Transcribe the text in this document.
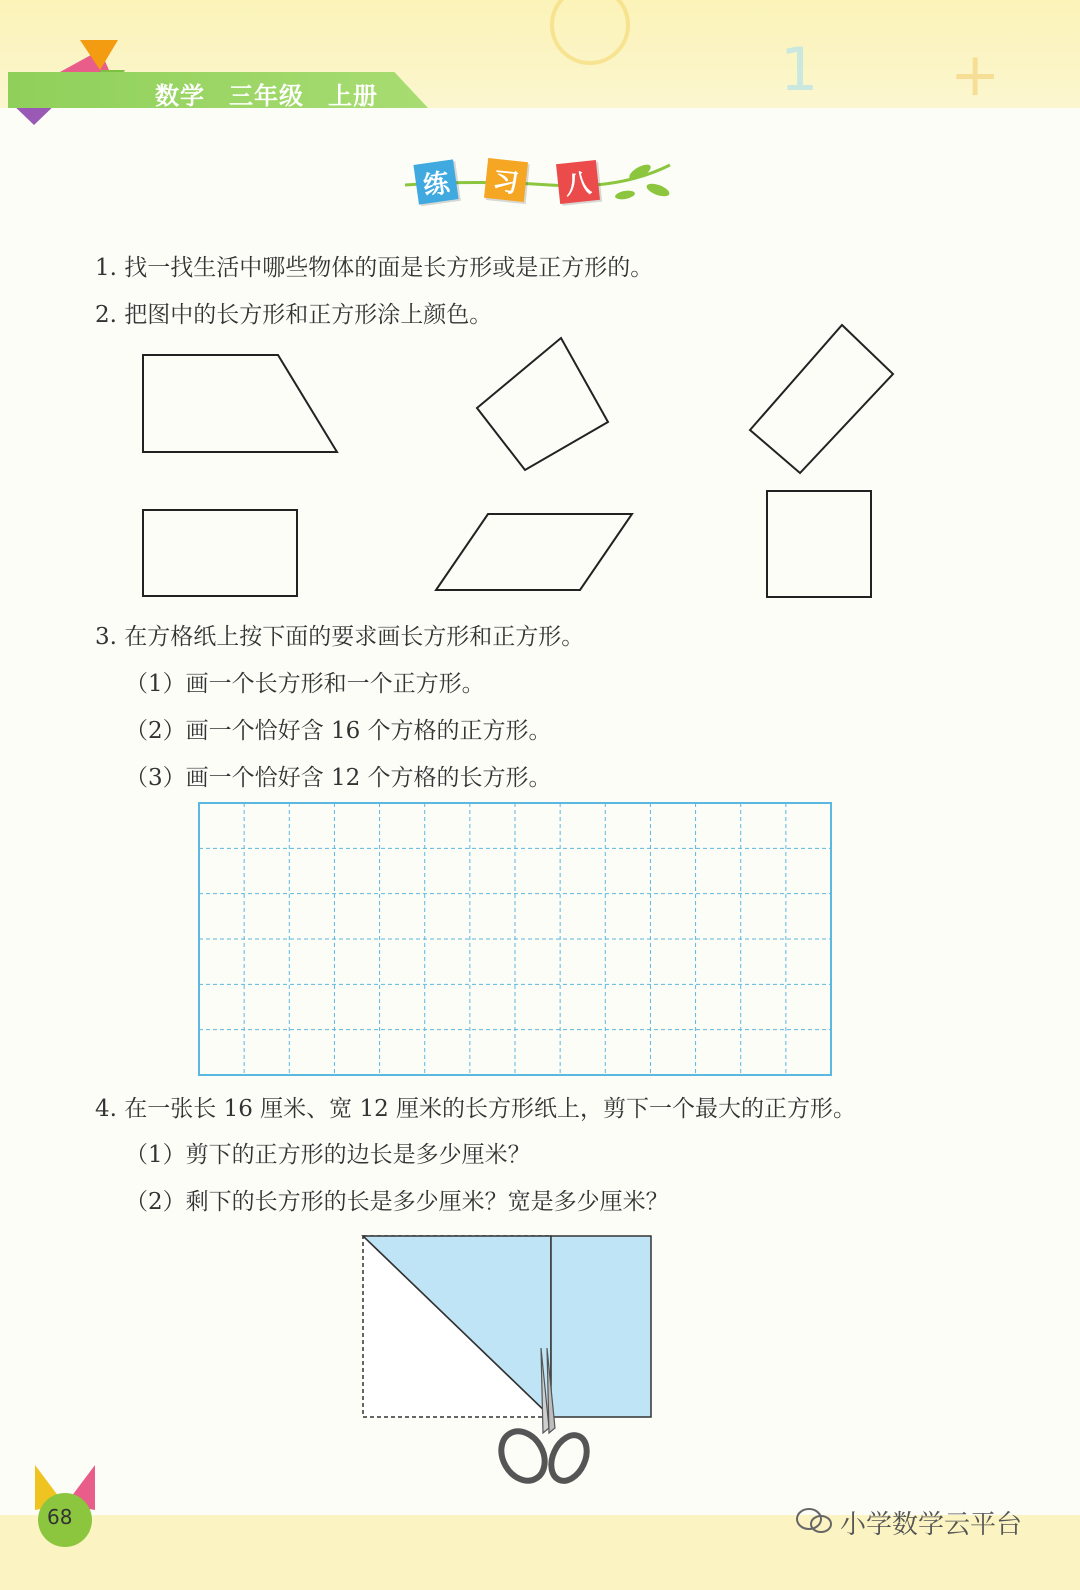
1 +
数学 三年级 上册
练 习 八
1. 找一找生活中哪些物体的面是长方形或是正方形的。
2. 把图中的长方形和正方形涂上颜色。
3. 在方格纸上按下面的要求画长方形和正方形。
（1）画一个长方形和一个正方形。
（2）画一个恰好含 16 个方格的正方形。
（3）画一个恰好含 12 个方格的长方形。
4. 在一张长 16 厘米、宽 12 厘米的长方形纸上，剪下一个最大的正方形。
（1）剪下的正方形的边长是多少厘米？
（2）剩下的长方形的长是多少厘米？宽是多少厘米？
68	小学数学云平台
